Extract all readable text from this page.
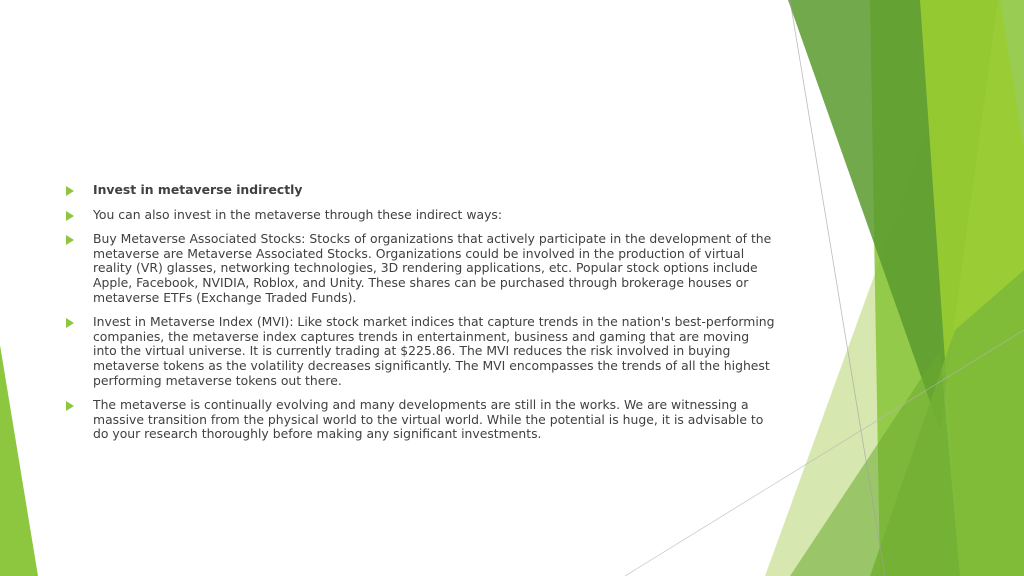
Invest in metaverse indirectly
You can also invest in the metaverse through these indirect ways:
Buy Metaverse Associated Stocks: Stocks of organizations that actively participate in the development of the metaverse are Metaverse Associated Stocks. Organizations could be involved in the production of virtual reality (VR) glasses, networking technologies, 3D rendering applications, etc. Popular stock options include Apple, Facebook, NVIDIA, Roblox, and Unity. These shares can be purchased through brokerage houses or metaverse ETFs (Exchange Traded Funds).
Invest in Metaverse Index (MVI): Like stock market indices that capture trends in the nation's best-performing companies, the metaverse index captures trends in entertainment, business and gaming that are moving into the virtual universe. It is currently trading at $225.86. The MVI reduces the risk involved in buying metaverse tokens as the volatility decreases significantly. The MVI encompasses the trends of all the highest performing metaverse tokens out there.
The metaverse is continually evolving and many developments are still in the works. We are witnessing a massive transition from the physical world to the virtual world. While the potential is huge, it is advisable to do your research thoroughly before making any significant investments.
